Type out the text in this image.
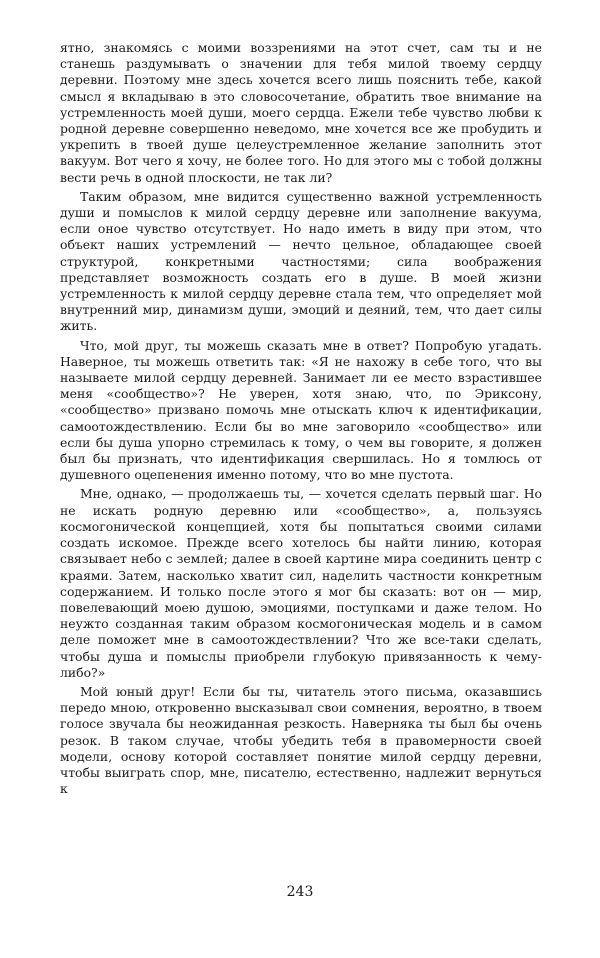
ятно, знакомясь с моими воззрениями на этот счет, сам ты и не станешь раздумывать о значении для тебя милой твоему сердцу деревни. Поэтому мне здесь хочется всего лишь пояснить тебе, какой смысл я вкладываю в это словосочетание, обратить твое внимание на устремленность моей души, моего сердца. Ежели тебе чувство любви к родной деревне совершенно неведомо, мне хочется все же пробудить и укрепить в твоей душе целеустремленное желание заполнить этот вакуум. Вот чего я хочу, не более того. Но для этого мы с тобой должны вести речь в одной плоскости, не так ли?

Таким образом, мне видится существенно важной устремленность души и помыслов к милой сердцу деревне или заполнение вакуума, если оное чувство отсутствует. Но надо иметь в виду при этом, что объект наших устремлений — нечто цельное, обладающее своей структурой, конкретными частностями; сила воображения представляет возможность создать его в душе. В моей жизни устремленность к милой сердцу деревне стала тем, что определяет мой внутренний мир, динамизм души, эмоций и деяний, тем, что дает силы жить.

Что, мой друг, ты можешь сказать мне в ответ? Попробую угадать. Наверное, ты можешь ответить так: «Я не нахожу в себе того, что вы называете милой сердцу деревней. Занимает ли ее место взрастившее меня «сообщество»? Не уверен, хотя знаю, что, по Эриксону, «сообщество» призвано помочь мне отыскать ключ к идентификации, самоотождествлению. Если бы во мне заговорило «сообщество» или если бы душа упорно стремилась к тому, о чем вы говорите, я должен был бы признать, что идентификация свершилась. Но я томлюсь от душевного оцепенения именно потому, что во мне пустота.

Мне, однако, — продолжаешь ты, — хочется сделать первый шаг. Но не искать родную деревню или «сообщество», а, пользуясь космогонической концепцией, хотя бы попытаться своими силами создать искомое. Прежде всего хотелось бы найти линию, которая связывает небо с землей; далее в своей картине мира соединить центр с краями. Затем, насколько хватит сил, наделить частности конкретным содержанием. И только после этого я мог бы сказать: вот он — мир, повелевающий моею душою, эмоциями, поступками и даже телом. Но неужто созданная таким образом космогоническая модель и в самом деле поможет мне в самоотождествлении? Что же все-таки сделать, чтобы душа и помыслы приобрели глубокую привязанность к чему-либо?»

Мой юный друг! Если бы ты, читатель этого письма, оказавшись передо мною, откровенно высказывал свои сомнения, вероятно, в твоем голосе звучала бы неожиданная резкость. Наверняка ты был бы очень резок. В таком случае, чтобы убедить тебя в правомерности своей модели, основу которой составляет понятие милой сердцу деревни, чтобы выиграть спор, мне, писателю, естественно, надлежит вернуться к

243
